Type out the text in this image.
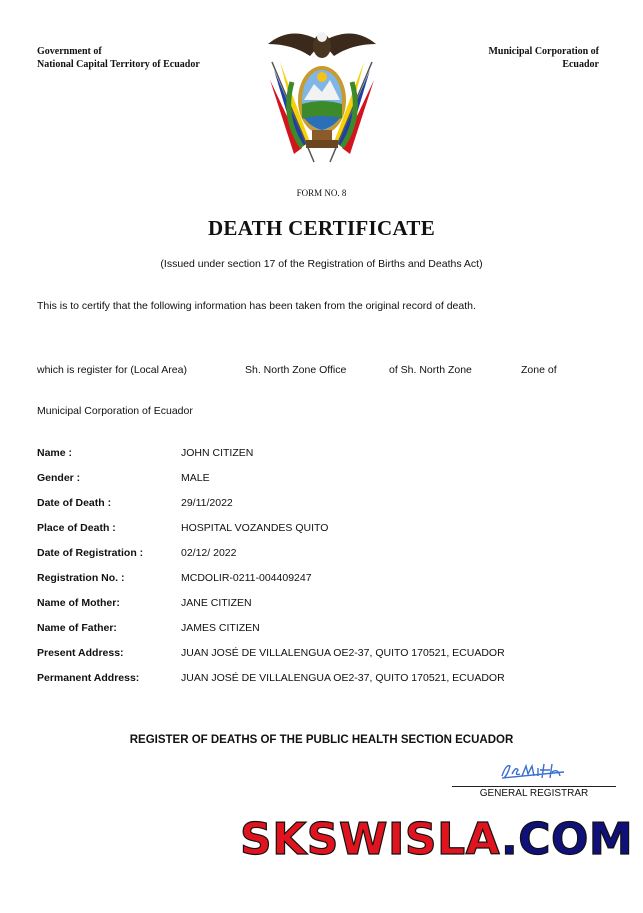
Government of
National Capital Territory of Ecuador
Municipal Corporation of
Ecuador
FORM NO. 8
DEATH CERTIFICATE
(Issued under section 17 of the Registration of Births and Deaths Act)
This is to certify that the following information has been taken from the original record of death.
which is register for (Local Area)	Sh. North Zone Office	of Sh. North Zone	Zone of
Municipal Corporation of Ecuador
Name :	JOHN CITIZEN
Gender :	MALE
Date of Death :	29/11/2022
Place of Death :	HOSPITAL VOZANDES QUITO
Date of Registration :	02/12/ 2022
Registration No. :	MCDOLIR-0211-004409247
Name of Mother:	JANE CITIZEN
Name of Father:	JAMES CITIZEN
Present Address:	JUAN JOSÉ DE VILLALENGUA OE2-37, QUITO 170521, ECUADOR
Permanent Address:	JUAN JOSÉ DE VILLALENGUA OE2-37, QUITO 170521, ECUADOR
REGISTER OF DEATHS OF THE PUBLIC HEALTH SECTION ECUADOR
GENERAL REGISTRAR
SKSWISLA.COM
